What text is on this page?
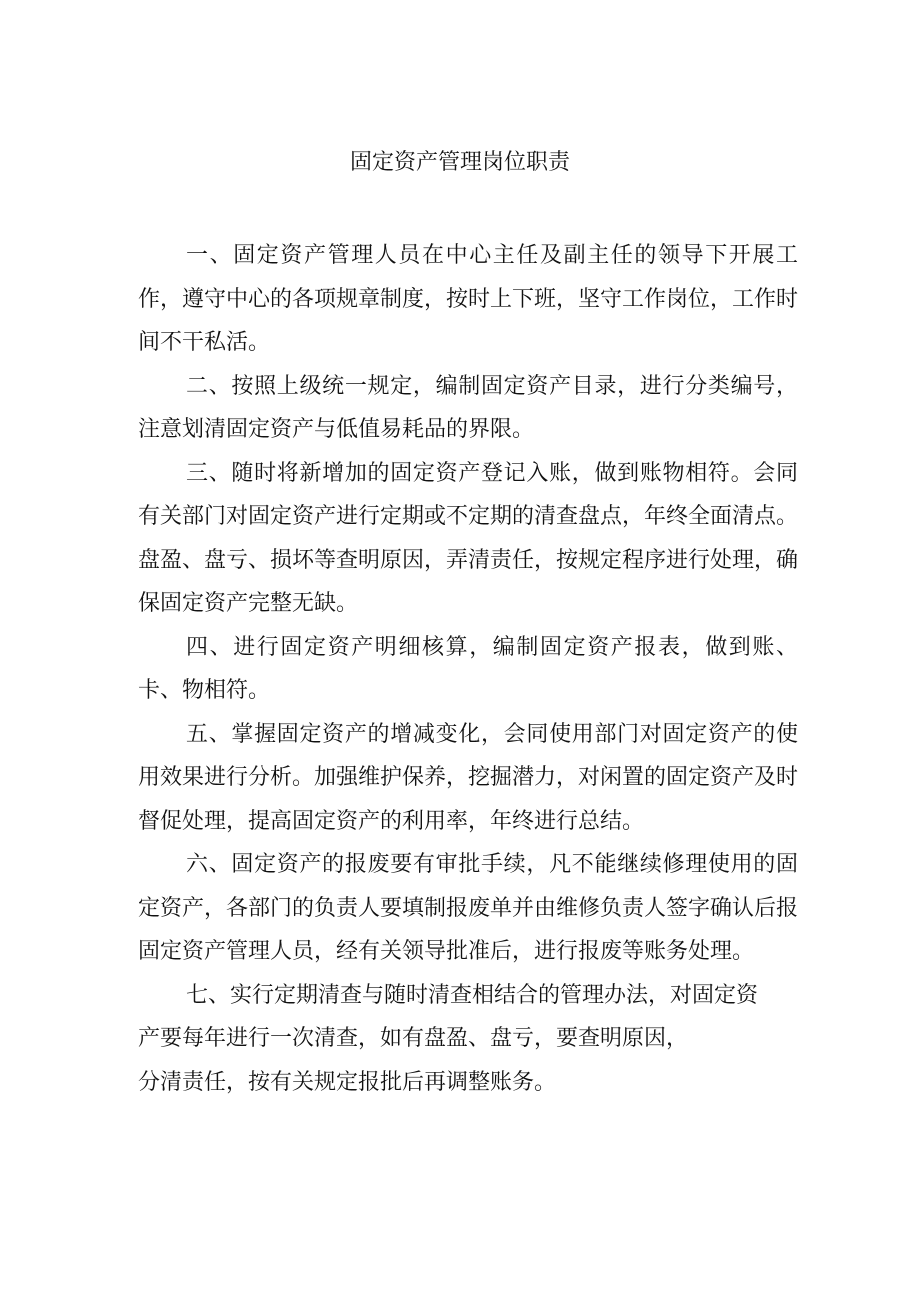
固定资产管理岗位职责

一、固定资产管理人员在中心主任及副主任的领导下开展工作，遵守中心的各项规章制度，按时上下班，坚守工作岗位，工作时间不干私活。

二、按照上级统一规定，编制固定资产目录，进行分类编号，注意划清固定资产与低值易耗品的界限。

三、随时将新增加的固定资产登记入账，做到账物相符。会同有关部门对固定资产进行定期或不定期的清查盘点，年终全面清点。盘盈、盘亏、损坏等查明原因，弄清责任，按规定程序进行处理，确保固定资产完整无缺。

四、进行固定资产明细核算，编制固定资产报表，做到账、卡、物相符。

五、掌握固定资产的增减变化，会同使用部门对固定资产的使用效果进行分析。加强维护保养，挖掘潜力，对闲置的固定资产及时督促处理，提高固定资产的利用率，年终进行总结。

六、固定资产的报废要有审批手续，凡不能继续修理使用的固定资产，各部门的负责人要填制报废单并由维修负责人签字确认后报固定资产管理人员，经有关领导批准后，进行报废等账务处理。

七、实行定期清查与随时清查相结合的管理办法，对固定资
产要每年进行一次清查，如有盘盈、盘亏，要查明原因，
分清责任，按有关规定报批后再调整账务。
